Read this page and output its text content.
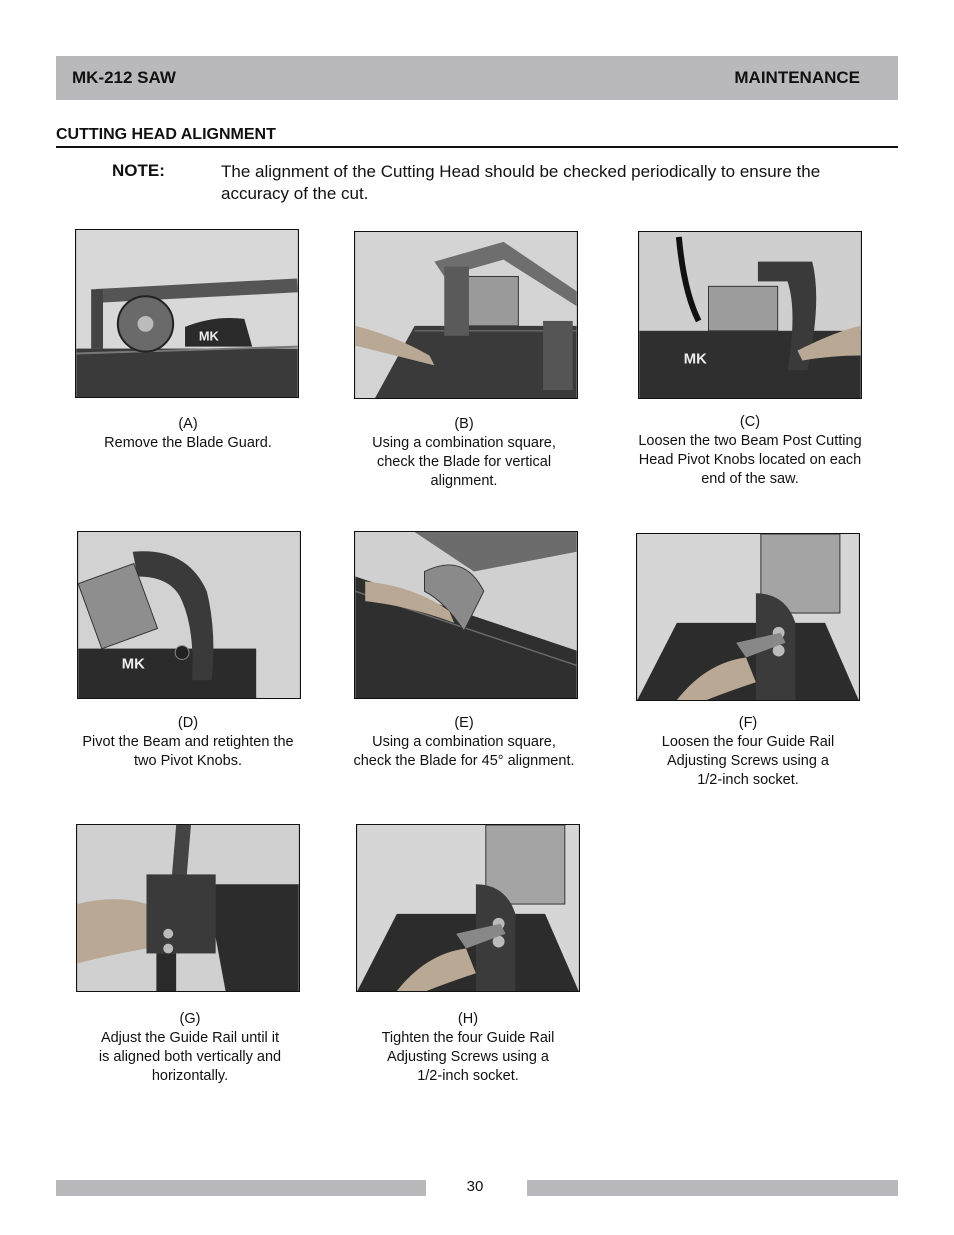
MK-212 SAW	MAINTENANCE
CUTTING HEAD ALIGNMENT
NOTE:	The alignment of the Cutting Head should be checked periodically to ensure the accuracy of the cut.
MK
(A)
Remove the Blade Guard.
(B)
Using a combination square,
check the Blade for vertical
alignment.
MK
(C)
Loosen the two Beam Post Cutting
Head Pivot Knobs located on each
end of the saw.
MK
(D)
Pivot the Beam and retighten the
two Pivot Knobs.
(E)
Using a combination square,
check the Blade for 45° alignment.
(F)
Loosen the four Guide Rail
Adjusting Screws using a
1/2-inch socket.
(G)
Adjust the Guide Rail until it
is aligned both vertically and
horizontally.
(H)
Tighten the four Guide Rail
Adjusting Screws using a
1/2-inch socket.
30
